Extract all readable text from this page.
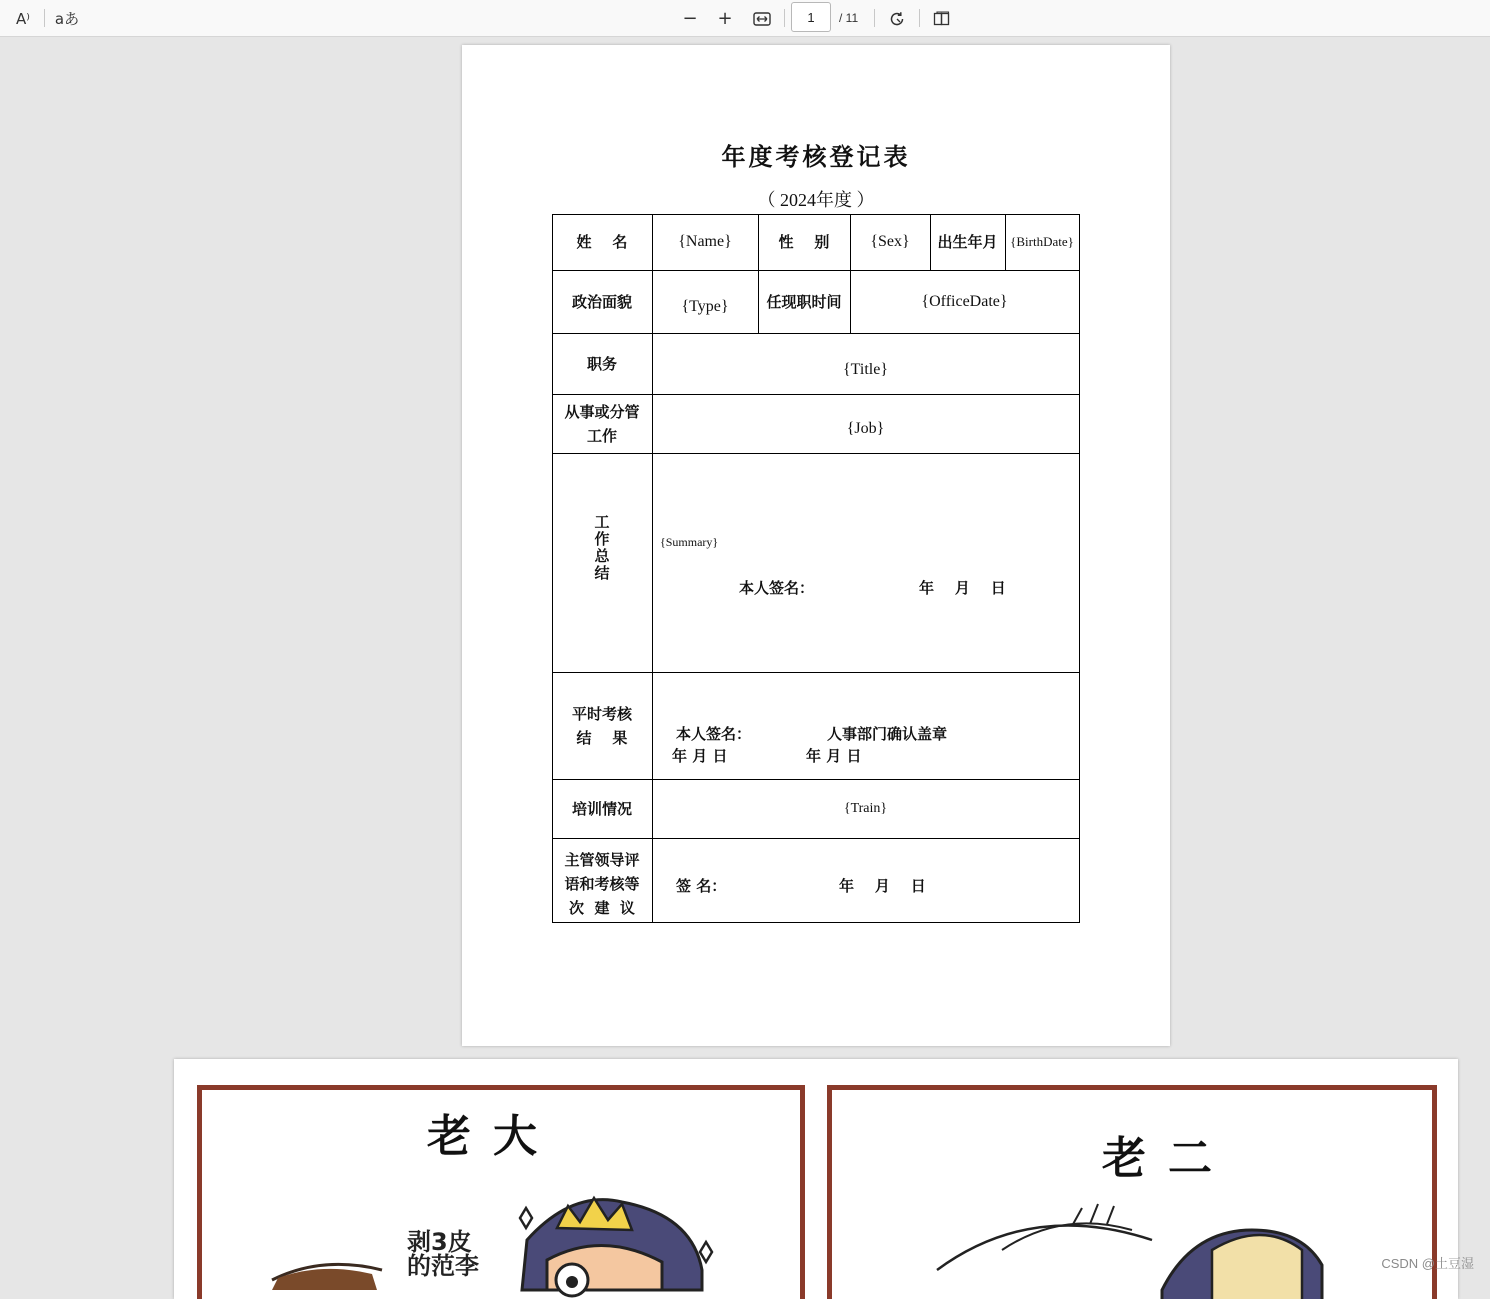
A⁾	aあ	−	+
1	/ 11
年度考核登记表
（ 2024年度 ）
姓    名	{Name}	性    别	{Sex}	出生年月 {BirthDate}
政治面貌	{Type}	任现职时间	{OfficeDate}
职务	{Title}
从事或分管
工作	{Job}
工作总结	{Summary}
本人签名：	年    月    日
平时考核
结    果	本人签名：	人事部门确认盖章
年 月 日	年 月 日
培训情况	{Train}
主管领导评
语和考核等
次  建  议
签 名：	年    月    日
老大
剥3皮 的范李
老二
CSDN @土豆湿
